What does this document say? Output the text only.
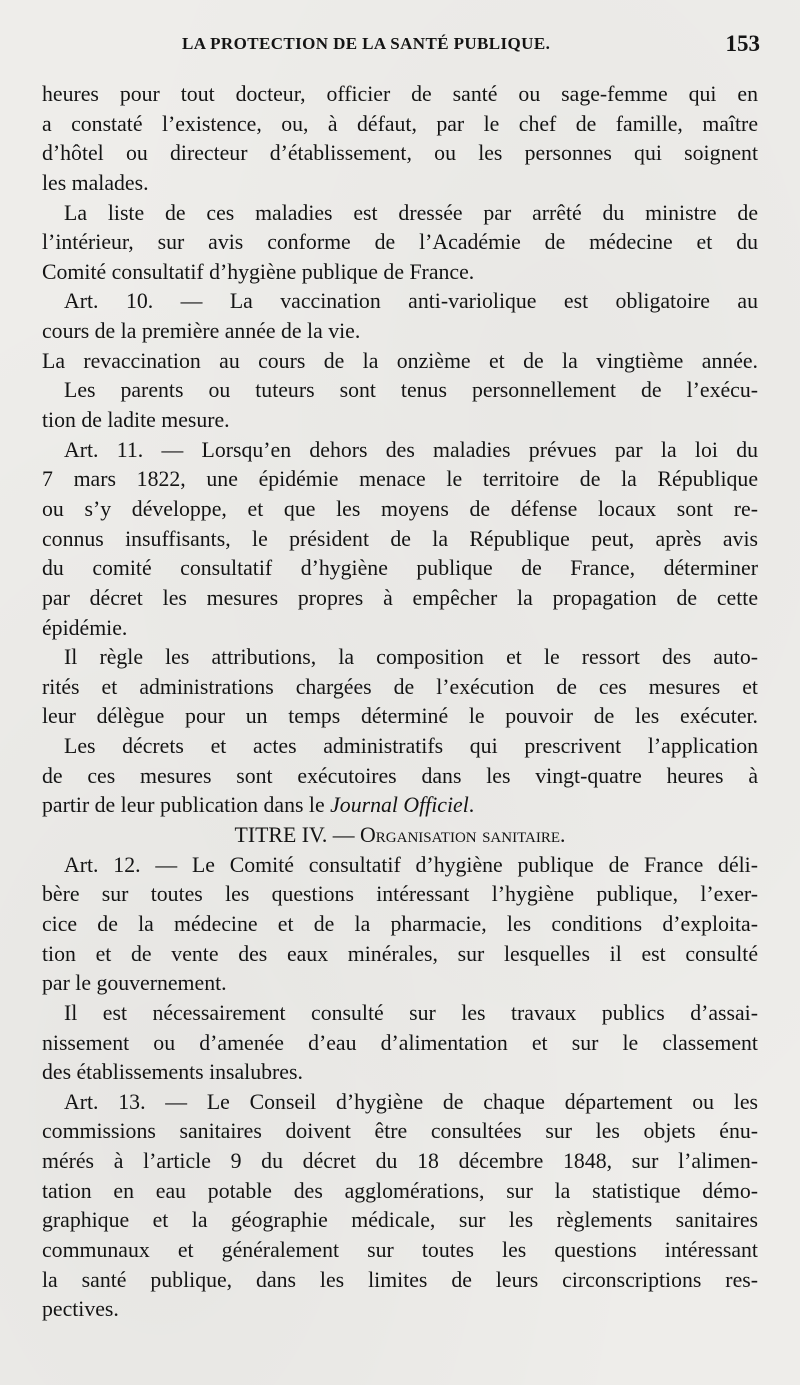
LA PROTECTION DE LA SANTÉ PUBLIQUE.	153
heures pour tout docteur, officier de santé ou sage-femme qui en
a constaté l’existence, ou, à défaut, par le chef de famille, maître
d’hôtel ou directeur d’établissement, ou les personnes qui soignent
les malades.
La liste de ces maladies est dressée par arrêté du ministre de
l’intérieur, sur avis conforme de l’Académie de médecine et du
Comité consultatif d’hygiène publique de France.
Art. 10. — La vaccination anti-variolique est obligatoire au
cours de la première année de la vie.
La revaccination au cours de la onzième et de la vingtième année.
Les parents ou tuteurs sont tenus personnellement de l’exécu-
tion de ladite mesure.
Art. 11. — Lorsqu’en dehors des maladies prévues par la loi du
7 mars 1822, une épidémie menace le territoire de la République
ou s’y développe, et que les moyens de défense locaux sont re-
connus insuffisants, le président de la République peut, après avis
du comité consultatif d’hygiène publique de France, déterminer
par décret les mesures propres à empêcher la propagation de cette
épidémie.
Il règle les attributions, la composition et le ressort des auto-
rités et administrations chargées de l’exécution de ces mesures et
leur délègue pour un temps déterminé le pouvoir de les exécuter.
Les décrets et actes administratifs qui prescrivent l’application
de ces mesures sont exécutoires dans les vingt-quatre heures à
partir de leur publication dans le Journal Officiel.
TITRE IV. — Organisation sanitaire.
Art. 12. — Le Comité consultatif d’hygiène publique de France déli-
bère sur toutes les questions intéressant l’hygiène publique, l’exer-
cice de la médecine et de la pharmacie, les conditions d’exploita-
tion et de vente des eaux minérales, sur lesquelles il est consulté
par le gouvernement.
Il est nécessairement consulté sur les travaux publics d’assai-
nissement ou d’amenée d’eau d’alimentation et sur le classement
des établissements insalubres.
Art. 13. — Le Conseil d’hygiène de chaque département ou les
commissions sanitaires doivent être consultées sur les objets énu-
mérés à l’article 9 du décret du 18 décembre 1848, sur l’alimen-
tation en eau potable des agglomérations, sur la statistique démo-
graphique et la géographie médicale, sur les règlements sanitaires
communaux et généralement sur toutes les questions intéressant
la santé publique, dans les limites de leurs circonscriptions res-
pectives.
